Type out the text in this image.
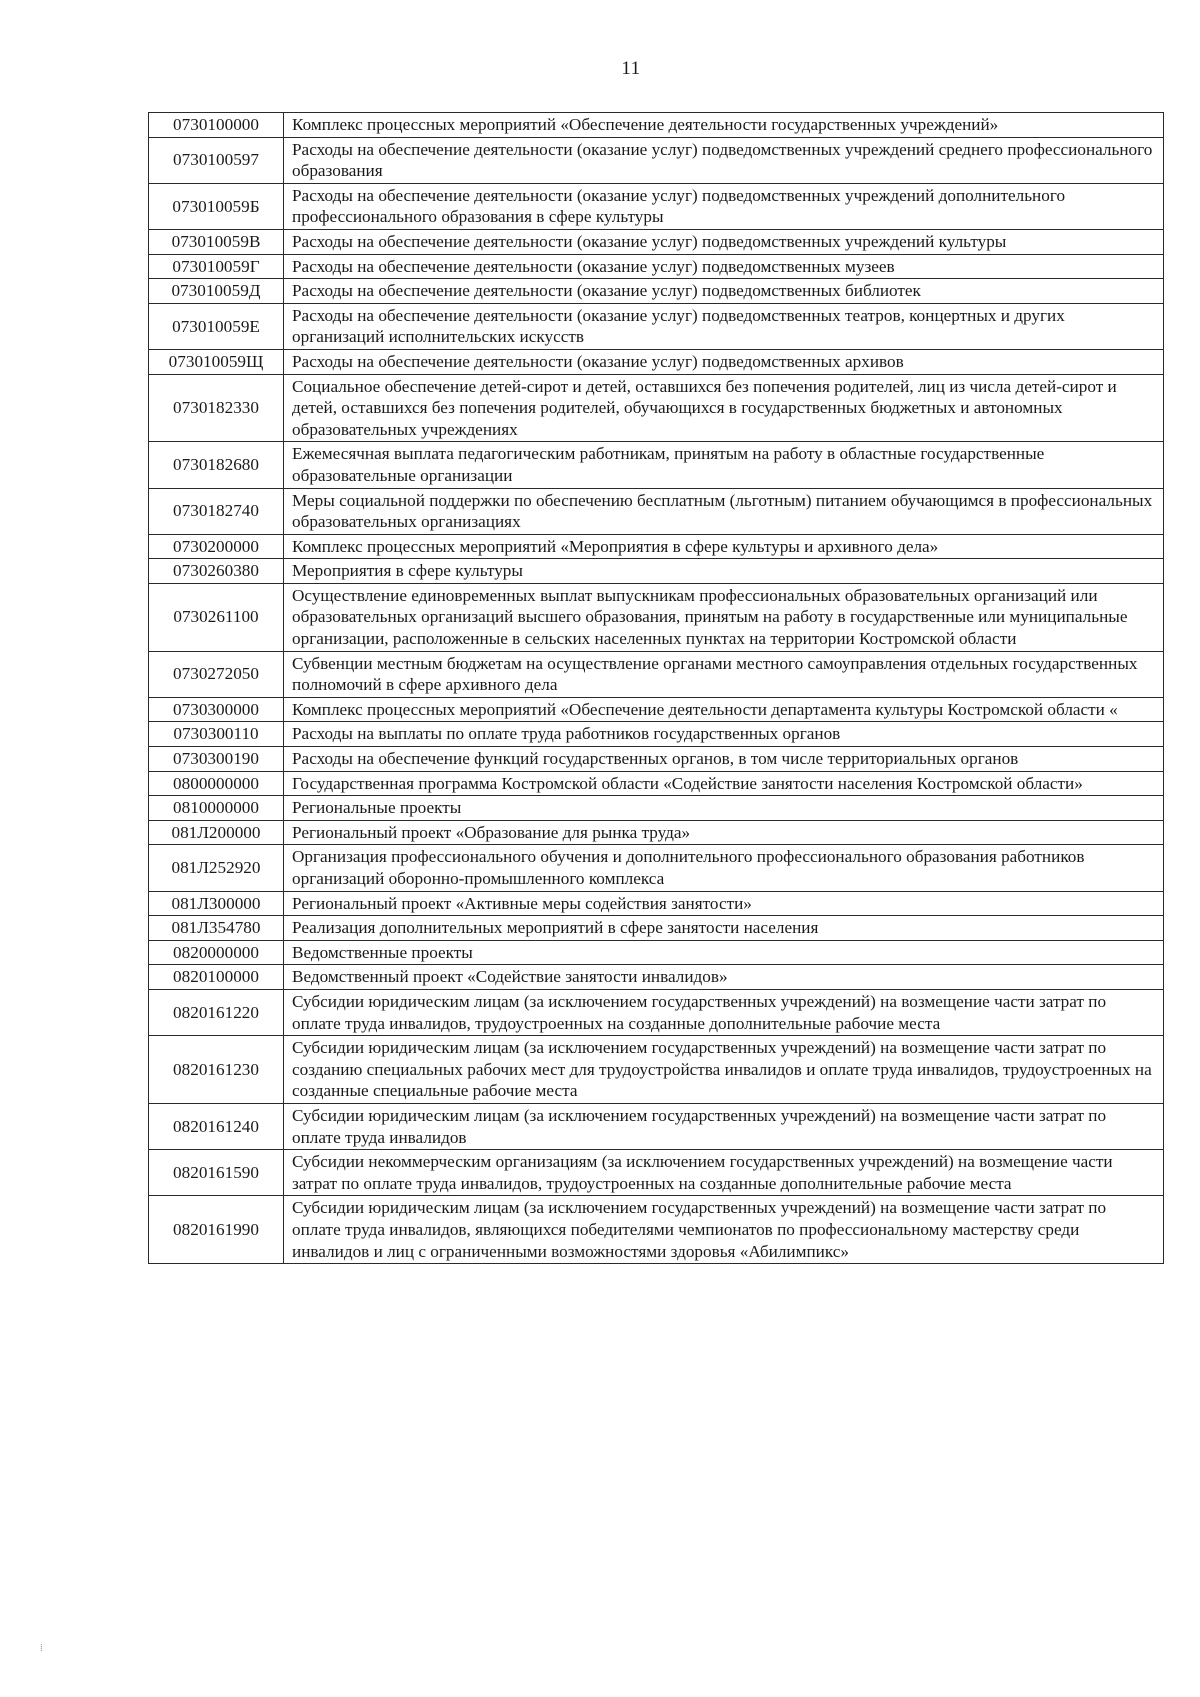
11
0730100000	Комплекс процессных мероприятий «Обеспечение деятельности государственных учреждений»
0730100597	Расходы на обеспечение деятельности (оказание услуг) подведомственных учреждений среднего профессионального образования
073010059Б	Расходы на обеспечение деятельности (оказание услуг) подведомственных учреждений дополнительного профессионального образования в сфере культуры
073010059В	Расходы на обеспечение деятельности (оказание услуг) подведомственных учреждений культуры
073010059Г	Расходы на обеспечение деятельности (оказание услуг) подведомственных музеев
073010059Д	Расходы на обеспечение деятельности (оказание услуг) подведомственных библиотек
073010059Е	Расходы на обеспечение деятельности (оказание услуг) подведомственных театров, концертных и других организаций исполнительских искусств
073010059Щ	Расходы на обеспечение деятельности (оказание услуг) подведомственных архивов
0730182330	Социальное обеспечение детей-сирот и детей, оставшихся без попечения родителей, лиц из числа детей-сирот и детей, оставшихся без попечения родителей, обучающихся в государственных бюджетных и автономных образовательных учреждениях
0730182680	Ежемесячная выплата педагогическим работникам, принятым на работу в областные государственные образовательные организации
0730182740	Меры социальной поддержки по обеспечению бесплатным (льготным) питанием обучающимся в профессиональных образовательных организациях
0730200000	Комплекс процессных мероприятий «Мероприятия в сфере культуры и архивного дела»
0730260380	Мероприятия в сфере культуры
0730261100	Осуществление единовременных выплат выпускникам профессиональных образовательных организаций или образовательных организаций высшего образования, принятым на работу в государственные или муниципальные организации, расположенные в сельских населенных пунктах на территории Костромской области
0730272050	Субвенции местным бюджетам на осуществление органами местного самоуправления отдельных государственных полномочий в сфере архивного дела
0730300000	Комплекс процессных мероприятий «Обеспечение деятельности департамента культуры Костромской области «
0730300110	Расходы на выплаты по оплате труда работников государственных органов
0730300190	Расходы на обеспечение функций государственных органов, в том числе территориальных органов
0800000000	Государственная программа Костромской области «Содействие занятости населения Костромской области»
0810000000	Региональные проекты
081Л200000	Региональный проект «Образование для рынка труда»
081Л252920	Организация профессионального обучения и дополнительного профессионального образования работников организаций оборонно-промышленного комплекса
081Л300000	Региональный проект «Активные меры содействия занятости»
081Л354780	Реализация дополнительных мероприятий в сфере занятости населения
0820000000	Ведомственные проекты
0820100000	Ведомственный проект «Содействие занятости инвалидов»
0820161220	Субсидии юридическим лицам (за исключением государственных учреждений) на возмещение части затрат по оплате труда инвалидов, трудоустроенных на созданные дополнительные рабочие места
0820161230	Субсидии юридическим лицам (за исключением государственных учреждений) на возмещение части затрат по созданию специальных рабочих мест для трудоустройства инвалидов и оплате труда инвалидов, трудоустроенных на созданные специальные рабочие места
0820161240	Субсидии юридическим лицам (за исключением государственных учреждений) на возмещение части затрат по оплате труда инвалидов
0820161590	Субсидии некоммерческим организациям (за исключением государственных учреждений) на возмещение части затрат по оплате труда инвалидов, трудоустроенных на созданные дополнительные рабочие места
0820161990	Субсидии юридическим лицам (за исключением государственных учреждений) на возмещение части затрат по оплате труда инвалидов, являющихся победителями чемпионатов по профессиональному мастерству среди инвалидов и лиц с ограниченными возможностями здоровья «Абилимпикс»
⁞
